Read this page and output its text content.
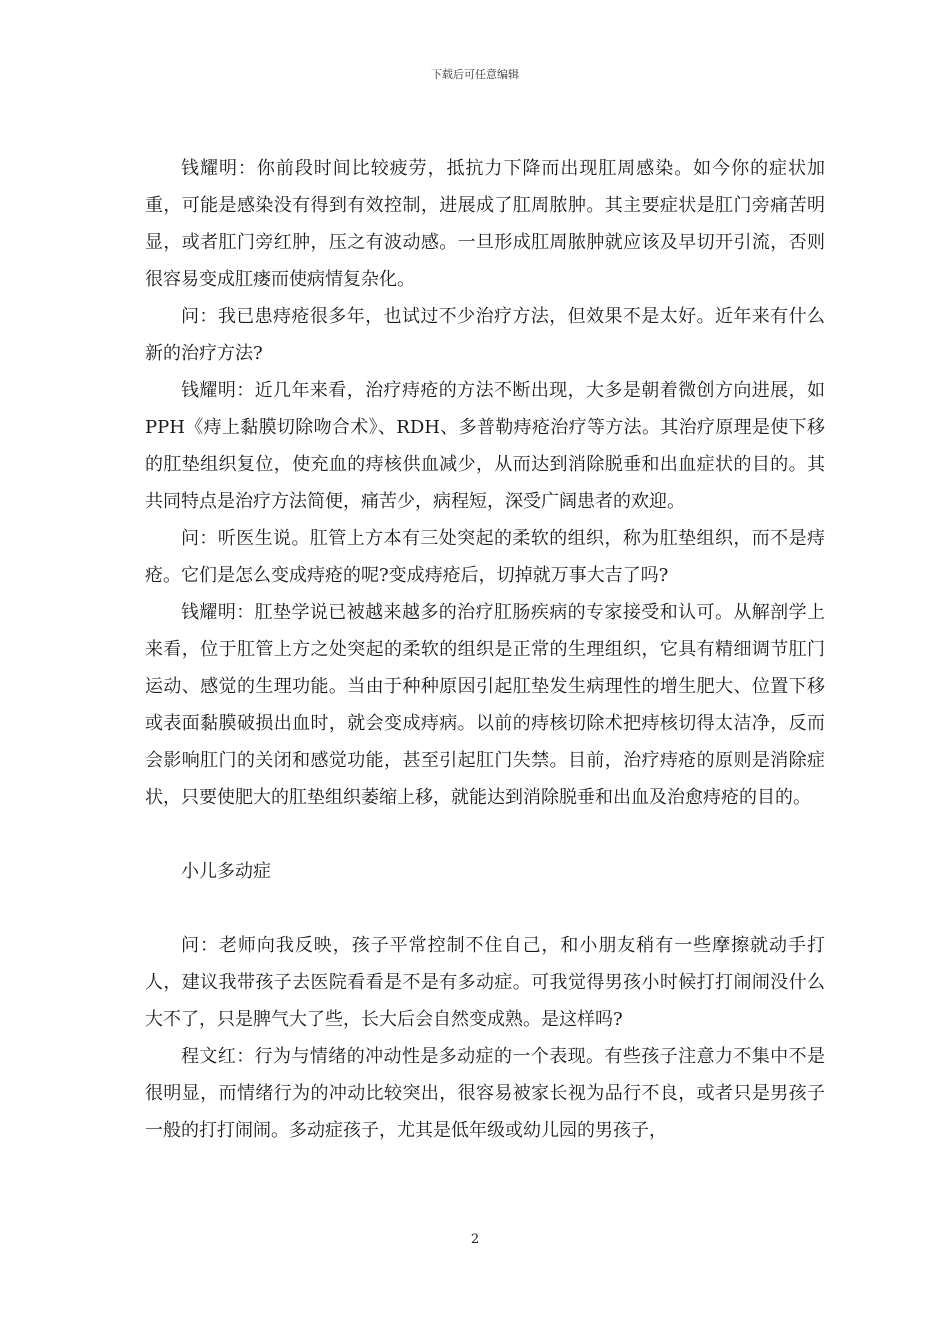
下载后可任意编辑

钱耀明：你前段时间比较疲劳，抵抗力下降而出现肛周感染。如今你的症状加重，可能是感染没有得到有效控制，进展成了肛周脓肿。其主要症状是肛门旁痛苦明显，或者肛门旁红肿，压之有波动感。一旦形成肛周脓肿就应该及早切开引流，否则很容易变成肛瘘而使病情复杂化。

问：我已患痔疮很多年，也试过不少治疗方法，但效果不是太好。近年来有什么新的治疗方法?

钱耀明：近几年来看，治疗痔疮的方法不断出现，大多是朝着微创方向进展，如PPH《痔上黏膜切除吻合术》、RDH、多普勒痔疮治疗等方法。其治疗原理是使下移的肛垫组织复位，使充血的痔核供血减少，从而达到消除脱垂和出血症状的目的。其共同特点是治疗方法简便，痛苦少，病程短，深受广阔患者的欢迎。

问：听医生说。肛管上方本有三处突起的柔软的组织，称为肛垫组织，而不是痔疮。它们是怎么变成痔疮的呢?变成痔疮后，切掉就万事大吉了吗?

钱耀明：肛垫学说已被越来越多的治疗肛肠疾病的专家接受和认可。从解剖学上来看，位于肛管上方之处突起的柔软的组织是正常的生理组织，它具有精细调节肛门运动、感觉的生理功能。当由于种种原因引起肛垫发生病理性的增生肥大、位置下移或表面黏膜破损出血时，就会变成痔病。以前的痔核切除术把痔核切得太洁净，反而会影响肛门的关闭和感觉功能，甚至引起肛门失禁。目前，治疗痔疮的原则是消除症状，只要使肥大的肛垫组织萎缩上移，就能达到消除脱垂和出血及治愈痔疮的目的。

小儿多动症

问：老师向我反映，孩子平常控制不住自己，和小朋友稍有一些摩擦就动手打人，建议我带孩子去医院看看是不是有多动症。可我觉得男孩小时候打打闹闹没什么大不了，只是脾气大了些，长大后会自然变成熟。是这样吗?

程文红：行为与情绪的冲动性是多动症的一个表现。有些孩子注意力不集中不是很明显，而情绪行为的冲动比较突出，很容易被家长视为品行不良，或者只是男孩子一般的打打闹闹。多动症孩子，尤其是低年级或幼儿园的男孩子，

2
